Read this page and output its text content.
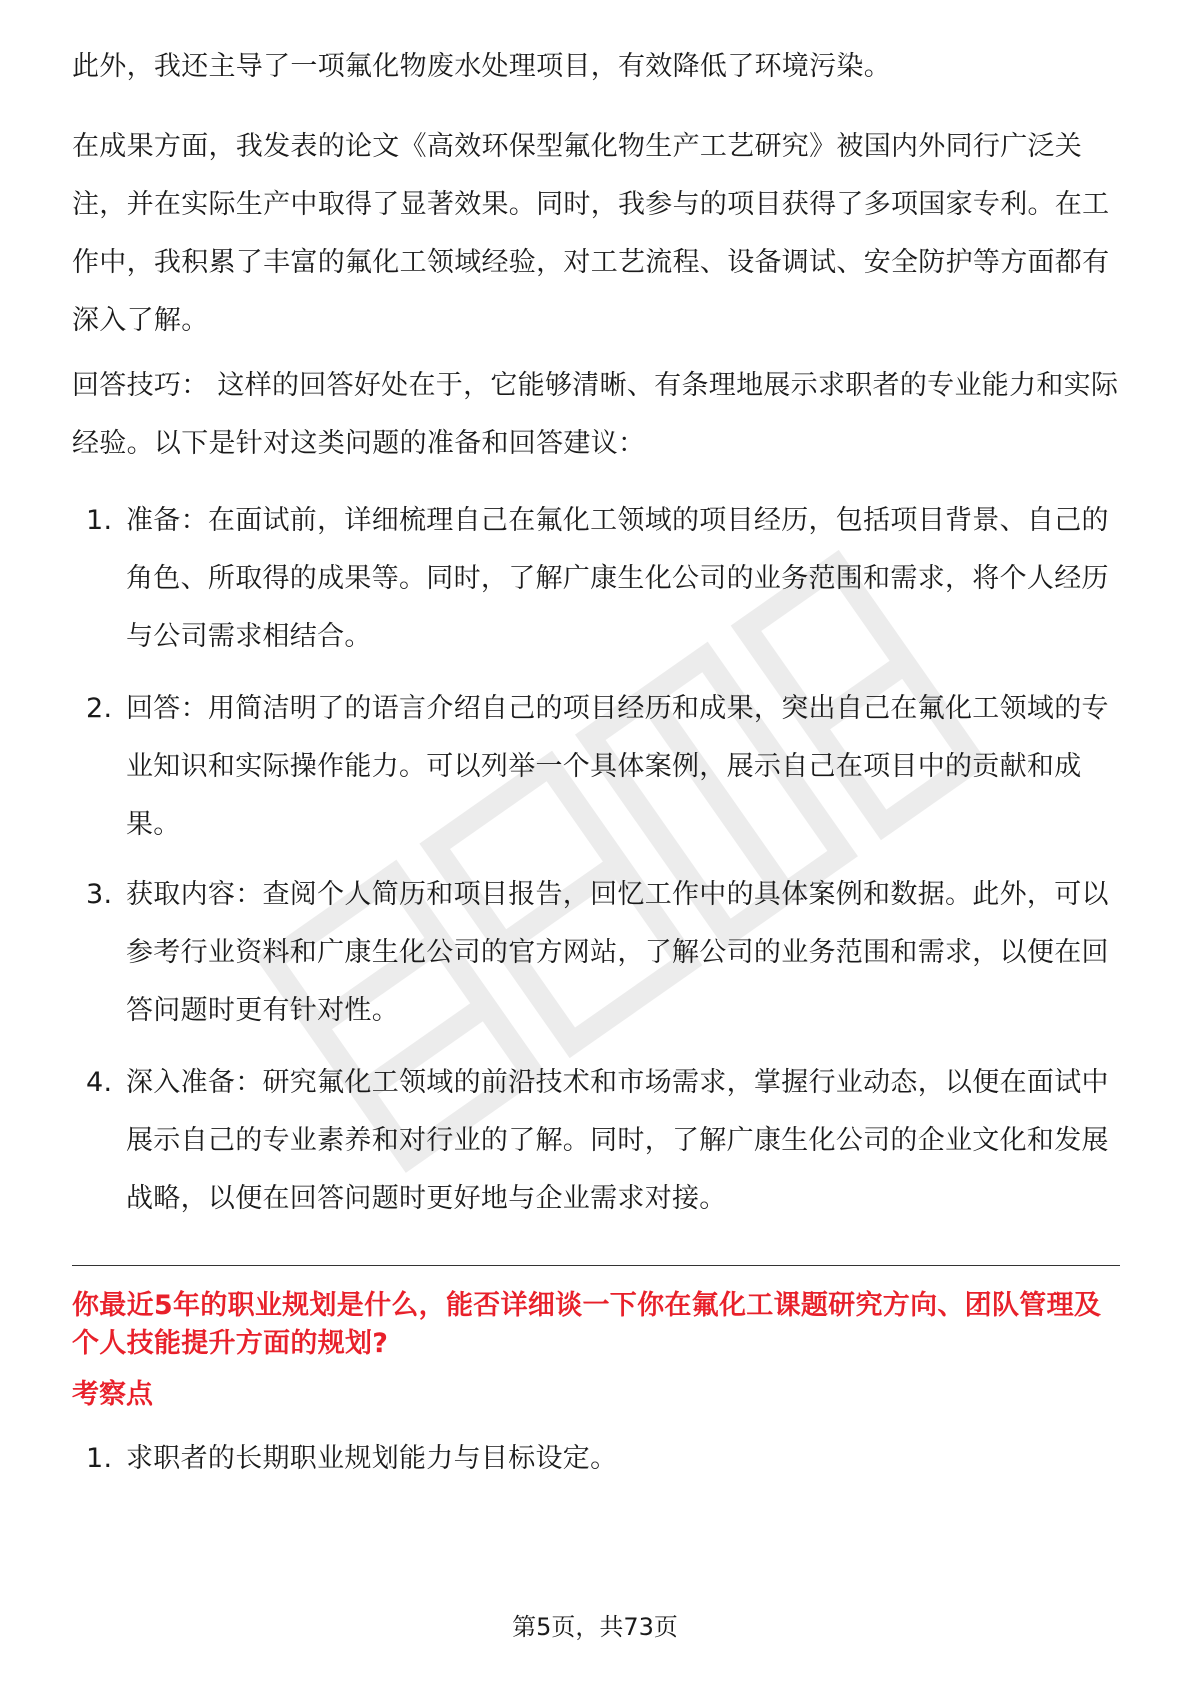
此外，我还主导了一项氟化物废水处理项目，有效降低了环境污染。

在成果方面，我发表的论文《高效环保型氟化物生产工艺研究》被国内外同行广泛关注，并在实际生产中取得了显著效果。同时，我参与的项目获得了多项国家专利。在工作中，我积累了丰富的氟化工领域经验，对工艺流程、设备调试、安全防护等方面都有深入了解。

回答技巧： 这样的回答好处在于，它能够清晰、有条理地展示求职者的专业能力和实际经验。以下是针对这类问题的准备和回答建议：

1. 准备：在面试前，详细梳理自己在氟化工领域的项目经历，包括项目背景、自己的角色、所取得的成果等。同时，了解广康生化公司的业务范围和需求，将个人经历与公司需求相结合。
2. 回答：用简洁明了的语言介绍自己的项目经历和成果，突出自己在氟化工领域的专业知识和实际操作能力。可以列举一个具体案例，展示自己在项目中的贡献和成果。
3. 获取内容：查阅个人简历和项目报告，回忆工作中的具体案例和数据。此外，可以参考行业资料和广康生化公司的官方网站，了解公司的业务范围和需求，以便在回答问题时更有针对性。
4. 深入准备：研究氟化工领域的前沿技术和市场需求，掌握行业动态，以便在面试中展示自己的专业素养和对行业的了解。同时，了解广康生化公司的企业文化和发展战略，以便在回答问题时更好地与企业需求对接。
你最近5年的职业规划是什么，能否详细谈一下你在氟化工课题研究方向、团队管理及个人技能提升方面的规划?
考察点
1. 求职者的长期职业规划能力与目标设定。
第5页，共73页
